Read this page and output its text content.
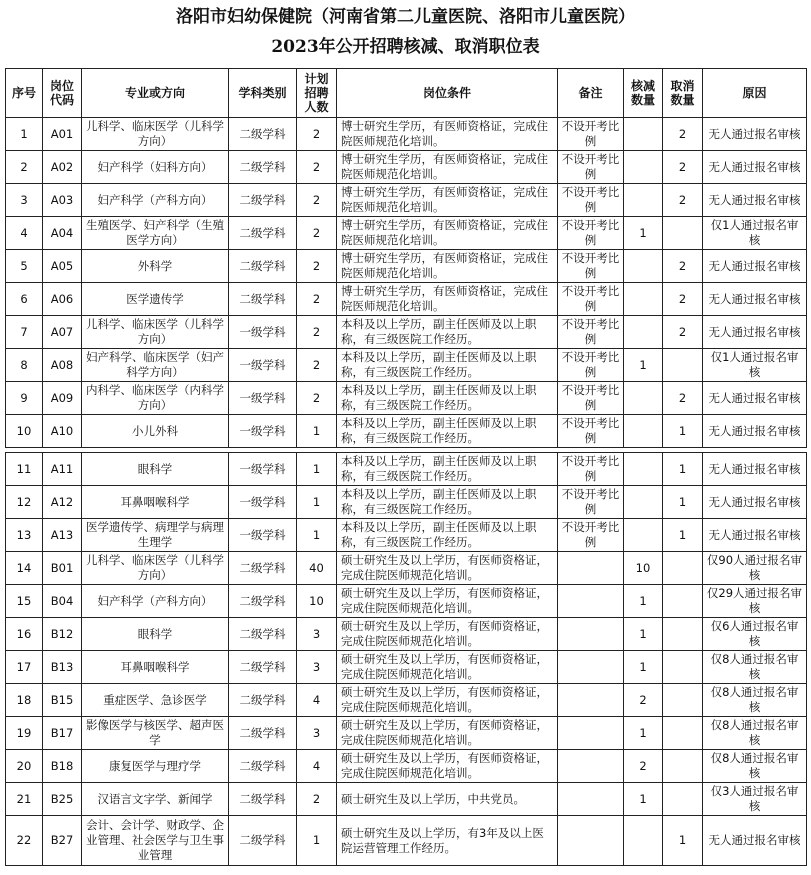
洛阳市妇幼保健院（河南省第二儿童医院、洛阳市儿童医院）
2023年公开招聘核减、取消职位表
序号	岗位代码	专业或方向	学科类别	计划招聘人数	岗位条件	备注	核减数量	取消数量	原因
1	A01	儿科学、临床医学（儿科学方向）	二级学科	2	博士研究生学历，有医师资格证，完成住院医师规范化培训。	不设开考比例		2	无人通过报名审核
2	A02	妇产科学（妇科方向）	二级学科	2	博士研究生学历，有医师资格证，完成住院医师规范化培训。	不设开考比例		2	无人通过报名审核
3	A03	妇产科学（产科方向）	二级学科	2	博士研究生学历，有医师资格证，完成住院医师规范化培训。	不设开考比例		2	无人通过报名审核
4	A04	生殖医学、妇产科学（生殖医学方向）	二级学科	2	博士研究生学历，有医师资格证，完成住院医师规范化培训。	不设开考比例	1		仅1人通过报名审核
5	A05	外科学	二级学科	2	博士研究生学历，有医师资格证，完成住院医师规范化培训。	不设开考比例		2	无人通过报名审核
6	A06	医学遗传学	二级学科	2	博士研究生学历，有医师资格证，完成住院医师规范化培训。	不设开考比例		2	无人通过报名审核
7	A07	儿科学、临床医学（儿科学方向）	一级学科	2	本科及以上学历，副主任医师及以上职称，有三级医院工作经历。	不设开考比例		2	无人通过报名审核
8	A08	妇产科学、临床医学（妇产科学方向）	一级学科	2	本科及以上学历，副主任医师及以上职称，有三级医院工作经历。	不设开考比例	1		仅1人通过报名审核
9	A09	内科学、临床医学（内科学方向）	一级学科	2	本科及以上学历，副主任医师及以上职称，有三级医院工作经历。	不设开考比例		2	无人通过报名审核
10	A10	小儿外科	一级学科	1	本科及以上学历，副主任医师及以上职称，有三级医院工作经历。	不设开考比例		1	无人通过报名审核

11	A11	眼科学	一级学科	1	本科及以上学历，副主任医师及以上职称，有三级医院工作经历。	不设开考比例		1	无人通过报名审核
12	A12	耳鼻咽喉科学	一级学科	1	本科及以上学历，副主任医师及以上职称，有三级医院工作经历。	不设开考比例		1	无人通过报名审核
13	A13	医学遗传学、病理学与病理生理学	一级学科	1	本科及以上学历，副主任医师及以上职称，有三级医院工作经历。	不设开考比例		1	无人通过报名审核
14	B01	儿科学、临床医学（儿科学方向）	二级学科	40	硕士研究生及以上学历，有医师资格证，完成住院医师规范化培训。		10		仅90人通过报名审核
15	B04	妇产科学（产科方向）	二级学科	10	硕士研究生及以上学历，有医师资格证，完成住院医师规范化培训。		1		仅29人通过报名审核
16	B12	眼科学	二级学科	3	硕士研究生及以上学历，有医师资格证，完成住院医师规范化培训。		1		仅6人通过报名审核
17	B13	耳鼻咽喉科学	二级学科	3	硕士研究生及以上学历，有医师资格证，完成住院医师规范化培训。		1		仅8人通过报名审核
18	B15	重症医学、急诊医学	二级学科	4	硕士研究生及以上学历，有医师资格证，完成住院医师规范化培训。		2		仅8人通过报名审核
19	B17	影像医学与核医学、超声医学	二级学科	3	硕士研究生及以上学历，有医师资格证，完成住院医师规范化培训。		1		仅8人通过报名审核
20	B18	康复医学与理疗学	二级学科	4	硕士研究生及以上学历，有医师资格证，完成住院医师规范化培训。		2		仅8人通过报名审核
21	B25	汉语言文字学、新闻学	二级学科	2	硕士研究生及以上学历，中共党员。		1		仅3人通过报名审核
22	B27	会计、会计学、财政学、企业管理、社会医学与卫生事业管理	二级学科	1	硕士研究生及以上学历，有3年及以上医院运营管理工作经历。			1	无人通过报名审核
